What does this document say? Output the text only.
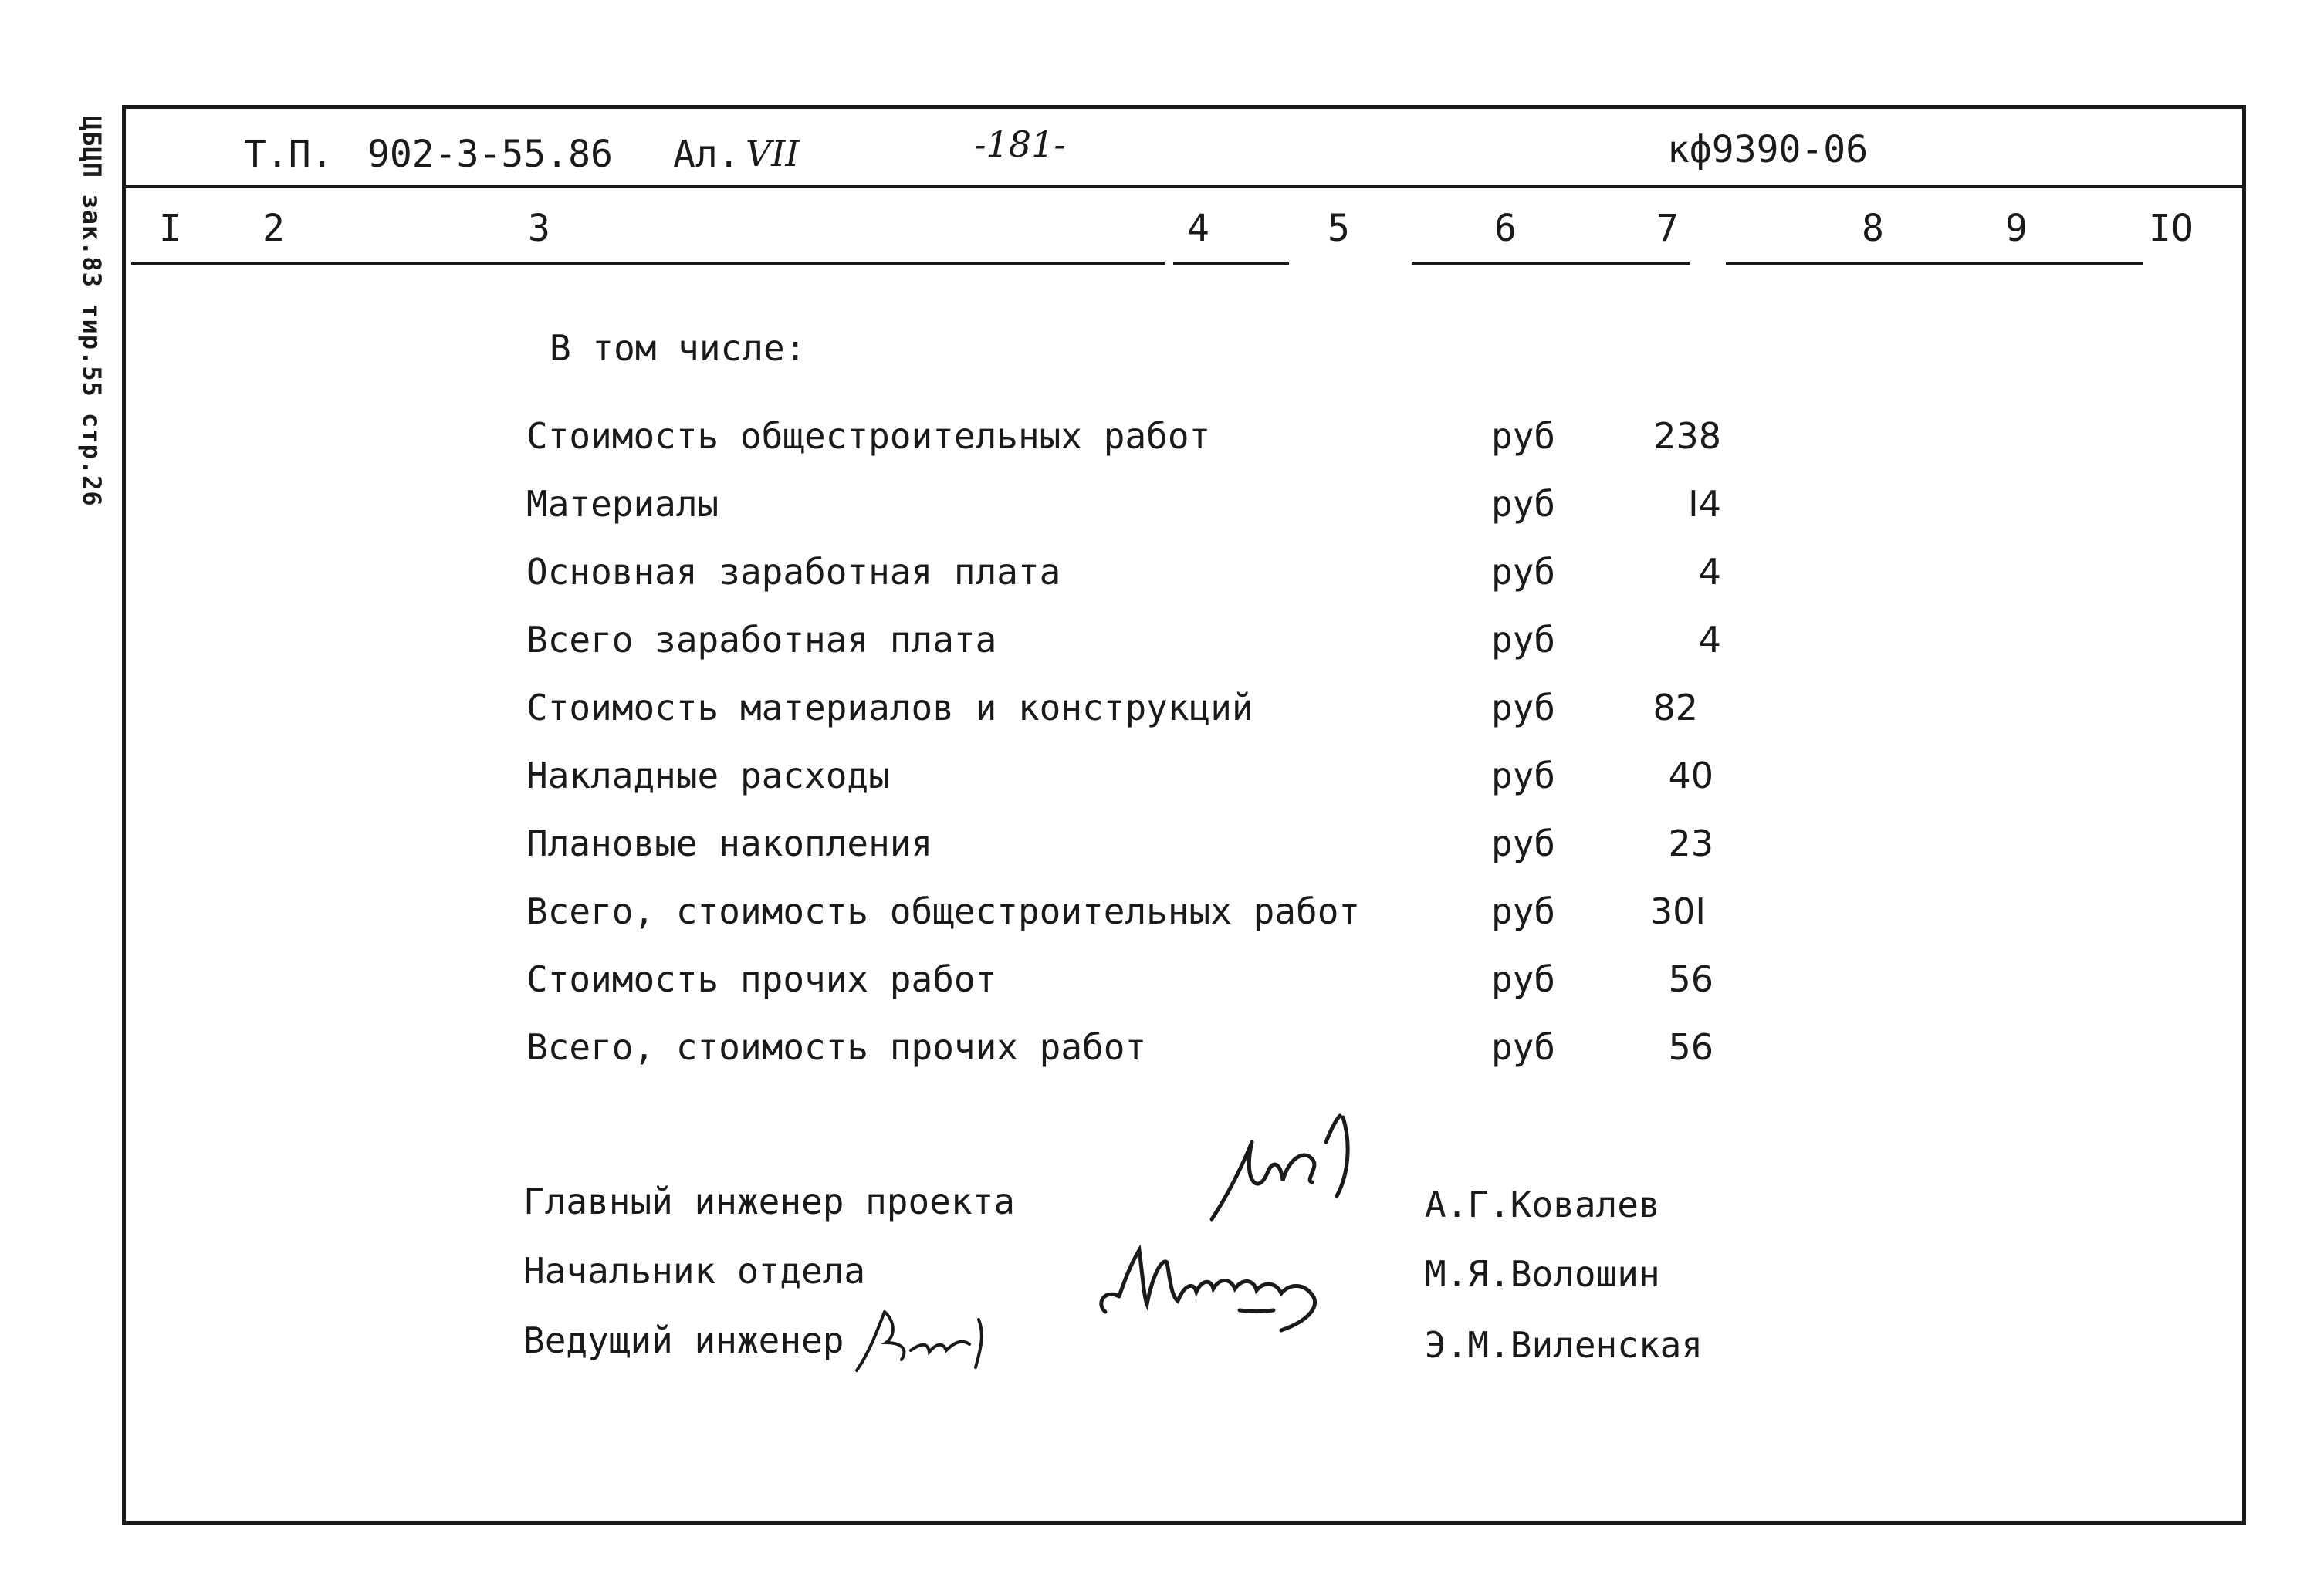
ЦБЦП зак.83 тир.55 стр.26	Т.П. 902-3-55.86 Ал. VII	-181-	кф9390-06
I 2	3	4	5	6	7	8	9	IO
В том числе:
Стоимость общестроительных работ	руб	238
Материалы	руб	I4
Основная заработная плата	руб	4
Всего заработная плата	руб	4
Стоимость материалов и конструкций	руб	82
Накладные расходы	руб	40
Плановые накопления	руб	23
Всего, стоимость общестроительных работ	руб	30I
Стоимость прочих работ	руб	56
Всего, стоимость прочих работ	руб	56
Главный инженер проекта	А.Г.Ковалев
Начальник отдела	М.Я.Волошин
Ведущий инженер	Э.М.Виленская
